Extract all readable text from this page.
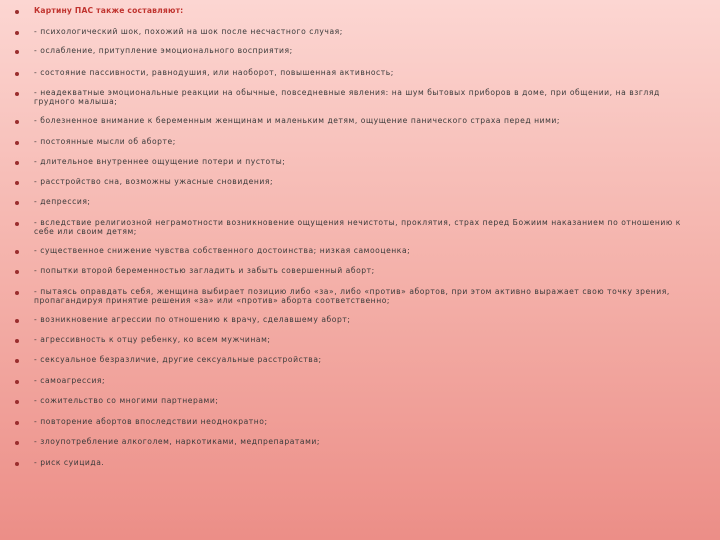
Картину ПАС также составляют:
- психологический шок, похожий на шок после несчастного случая;
- ослабление, притупление эмоционального восприятия;
- состояние пассивности, равнодушия, или наоборот, повышенная активность;
- неадекватные эмоциональные реакции на обычные, повседневные явления: на шум бытовых приборов в доме, при общении, на взгляд грудного малыша;
- болезненное внимание к беременным женщинам и маленьким детям, ощущение панического страха перед ними;
- постоянные мысли об аборте;
- длительное внутреннее ощущение потери и пустоты;
- расстройство сна, возможны ужасные сновидения;
- депрессия;
- вследствие религиозной неграмотности возникновение ощущения нечистоты, проклятия, страх перед Божиим наказанием по отношению к себе или своим детям;
- существенное снижение чувства собственного достоинства; низкая самооценка;
- попытки второй беременностью загладить и забыть совершенный аборт;
- пытаясь оправдать себя, женщина выбирает позицию либо «за», либо «против» абортов, при этом активно выражает свою точку зрения, пропагандируя принятие решения «за» или «против» аборта соответственно;
- возникновение агрессии по отношению к врачу, сделавшему аборт;
- агрессивность к отцу ребенку, ко всем мужчинам;
- сексуальное безразличие, другие сексуальные расстройства;
- самоагрессия;
- сожительство со многими партнерами;
- повторение абортов впоследствии неоднократно;
- злоупотребление алкоголем, наркотиками, медпрепаратами;
- риск суицида.
